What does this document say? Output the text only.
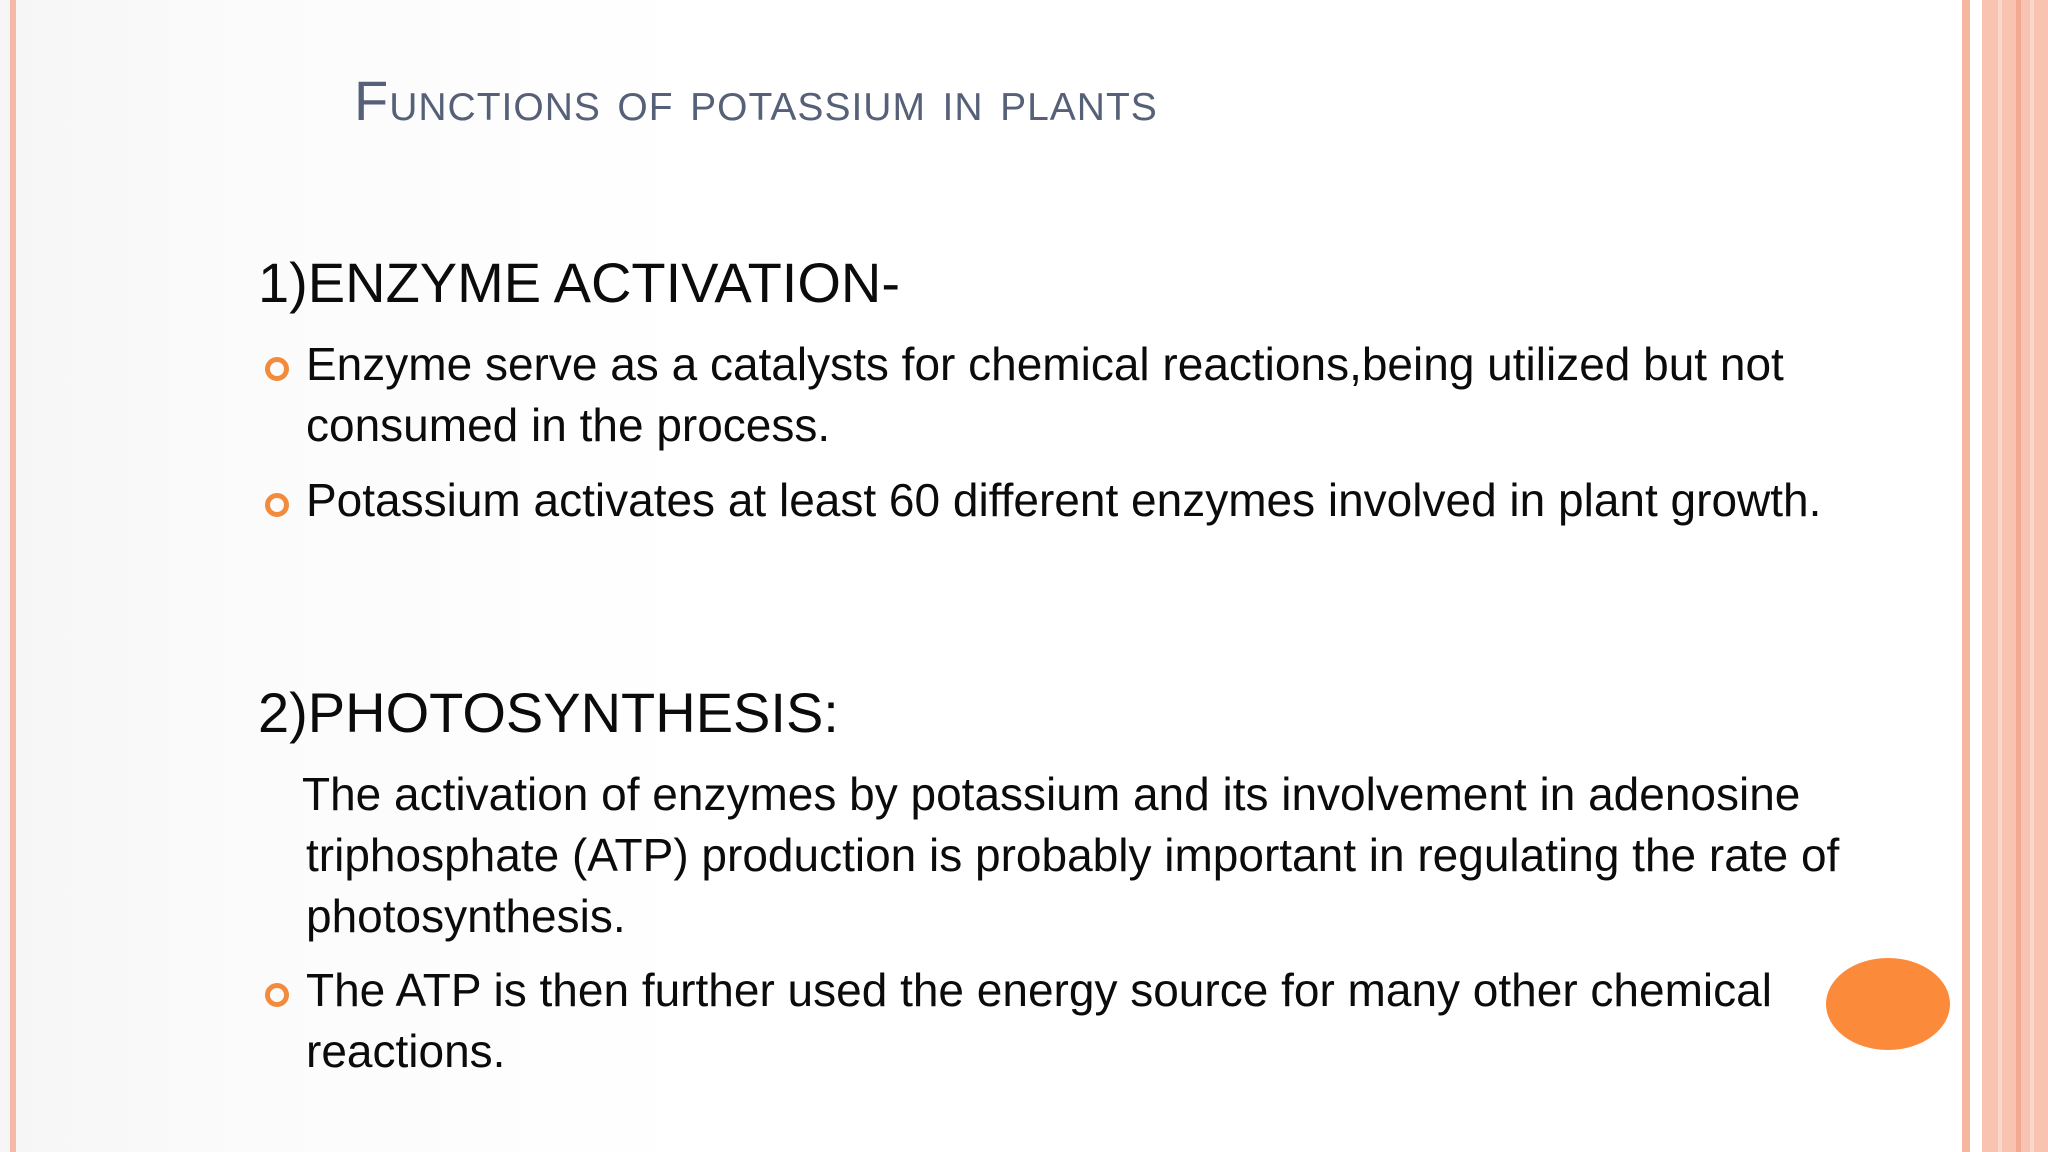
Functions of potassium in plants
1)ENZYME ACTIVATION-

Enzyme serve as a catalysts for chemical reactions,being utilized but not consumed in the process.

Potassium activates at least 60 different enzymes involved in plant growth.

2)PHOTOSYNTHESIS:

The activation of enzymes by potassium and its involvement in adenosine triphosphate (ATP) production is probably important in regulating the rate of photosynthesis.

The ATP is then further used the energy source for many other chemical reactions.
